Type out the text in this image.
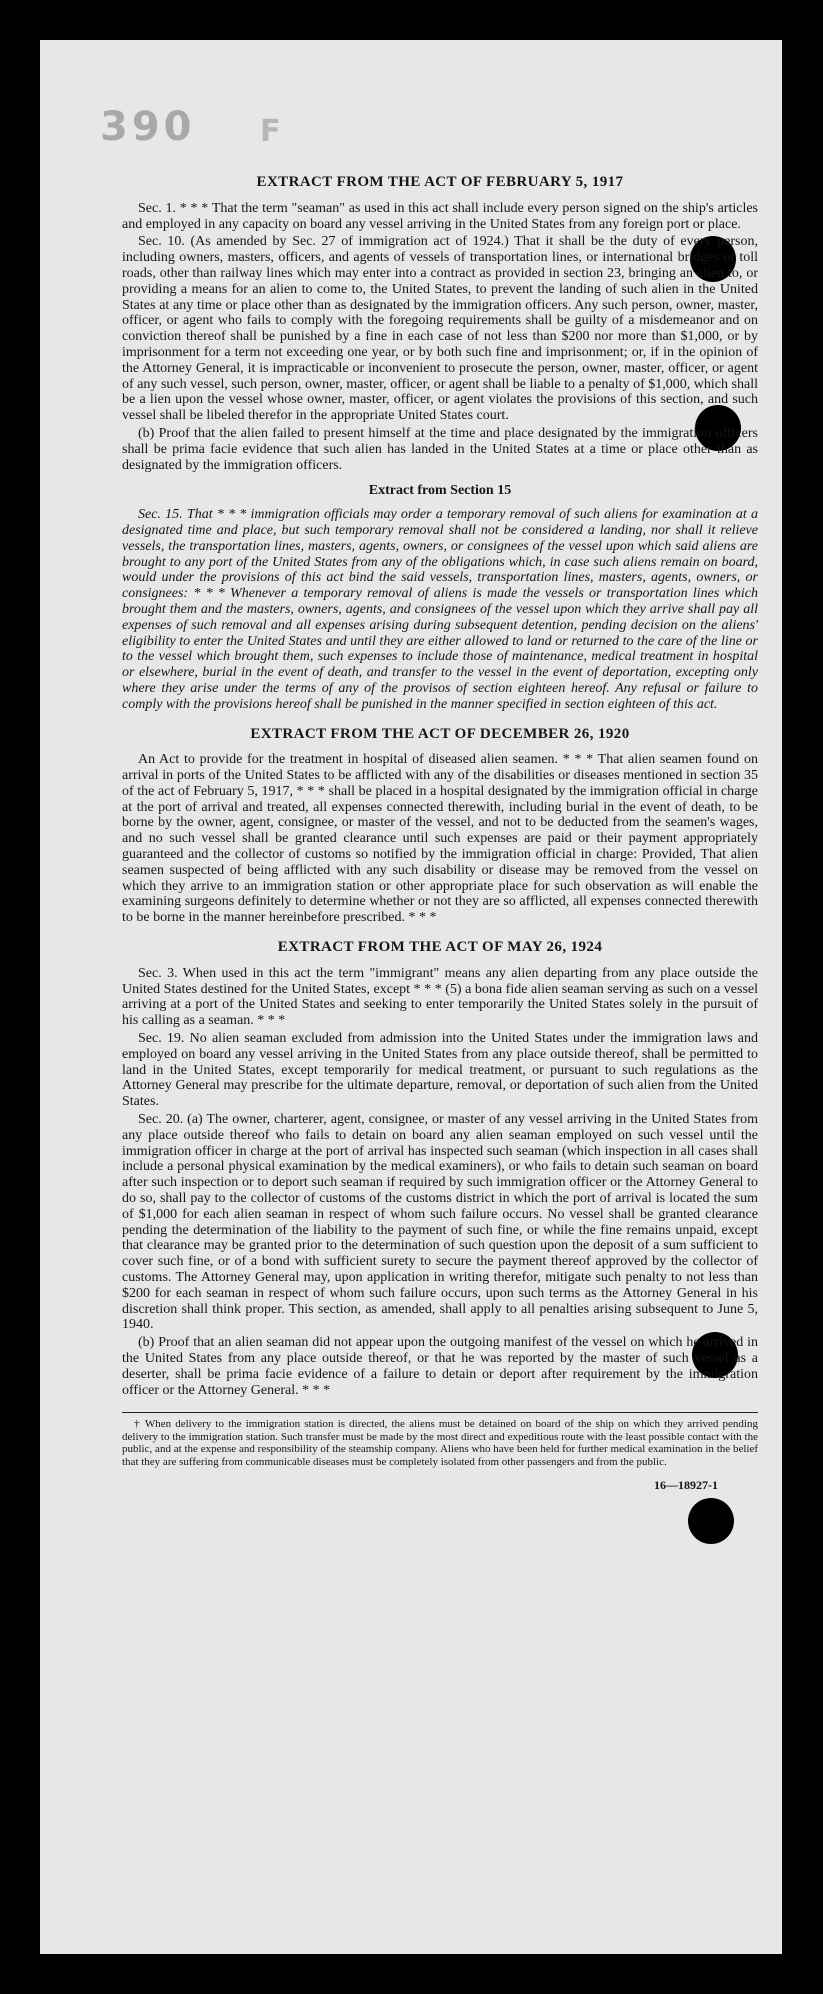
390 F
EXTRACT FROM THE ACT OF FEBRUARY 5, 1917

Sec. 1. * * * That the term "seaman" as used in this act shall include every person signed on the ship's articles and employed in any capacity on board any vessel arriving in the United States from any foreign port or place.

Sec. 10. (As amended by Sec. 27 of immigration act of 1924.) That it shall be the duty of every person, including owners, masters, officers, and agents of vessels of transportation lines, or international bridges or toll roads, other than railway lines which may enter into a contract as provided in section 23, bringing an alien to, or providing a means for an alien to come to, the United States, to prevent the landing of such alien in the United States at any time or place other than as designated by the immigration officers. Any such person, owner, master, officer, or agent who fails to comply with the foregoing requirements shall be guilty of a misdemeanor and on conviction thereof shall be punished by a fine in each case of not less than $200 nor more than $1,000, or by imprisonment for a term not exceeding one year, or by both such fine and imprisonment; or, if in the opinion of the Attorney General, it is impracticable or inconvenient to prosecute the person, owner, master, officer, or agent of any such vessel, such person, owner, master, officer, or agent shall be liable to a penalty of $1,000, which shall be a lien upon the vessel whose owner, master, officer, or agent violates the provisions of this section, and such vessel shall be libeled therefor in the appropriate United States court.

(b) Proof that the alien failed to present himself at the time and place designated by the immigration officers shall be prima facie evidence that such alien has landed in the United States at a time or place other than as designated by the immigration officers.

Extract from Section 15

Sec. 15. That * * * immigration officials may order a temporary removal of such aliens for examination at a designated time and place, but such temporary removal shall not be considered a landing, nor shall it relieve vessels, the transportation lines, masters, agents, owners, or consignees of the vessel upon which said aliens are brought to any port of the United States from any of the obligations which, in case such aliens remain on board, would under the provisions of this act bind the said vessels, transportation lines, masters, agents, owners, or consignees: * * * Whenever a temporary removal of aliens is made the vessels or transportation lines which brought them and the masters, owners, agents, and consignees of the vessel upon which they arrive shall pay all expenses of such removal and all expenses arising during subsequent detention, pending decision on the aliens' eligibility to enter the United States and until they are either allowed to land or returned to the care of the line or to the vessel which brought them, such expenses to include those of maintenance, medical treatment in hospital or elsewhere, burial in the event of death, and transfer to the vessel in the event of deportation, excepting only where they arise under the terms of any of the provisos of section eighteen hereof. Any refusal or failure to comply with the provisions hereof shall be punished in the manner specified in section eighteen of this act.

EXTRACT FROM THE ACT OF DECEMBER 26, 1920

An Act to provide for the treatment in hospital of diseased alien seamen. * * * That alien seamen found on arrival in ports of the United States to be afflicted with any of the disabilities or diseases mentioned in section 35 of the act of February 5, 1917, * * * shall be placed in a hospital designated by the immigration official in charge at the port of arrival and treated, all expenses connected therewith, including burial in the event of death, to be borne by the owner, agent, consignee, or master of the vessel, and not to be deducted from the seamen's wages, and no such vessel shall be granted clearance until such expenses are paid or their payment appropriately guaranteed and the collector of customs so notified by the immigration official in charge: Provided, That alien seamen suspected of being afflicted with any such disability or disease may be removed from the vessel on which they arrive to an immigration station or other appropriate place for such observation as will enable the examining surgeons definitely to determine whether or not they are so afflicted, all expenses connected therewith to be borne in the manner hereinbefore prescribed. * * *

EXTRACT FROM THE ACT OF MAY 26, 1924

Sec. 3. When used in this act the term "immigrant" means any alien departing from any place outside the United States destined for the United States, except * * * (5) a bona fide alien seaman serving as such on a vessel arriving at a port of the United States and seeking to enter temporarily the United States solely in the pursuit of his calling as a seaman. * * *

Sec. 19. No alien seaman excluded from admission into the United States under the immigration laws and employed on board any vessel arriving in the United States from any place outside thereof, shall be permitted to land in the United States, except temporarily for medical treatment, or pursuant to such regulations as the Attorney General may prescribe for the ultimate departure, removal, or deportation of such alien from the United States.

Sec. 20. (a) The owner, charterer, agent, consignee, or master of any vessel arriving in the United States from any place outside thereof who fails to detain on board any alien seaman employed on such vessel until the immigration officer in charge at the port of arrival has inspected such seaman (which inspection in all cases shall include a personal physical examination by the medical examiners), or who fails to detain such seaman on board after such inspection or to deport such seaman if required by such immigration officer or the Attorney General to do so, shall pay to the collector of customs of the customs district in which the port of arrival is located the sum of $1,000 for each alien seaman in respect of whom such failure occurs. No vessel shall be granted clearance pending the determination of the liability to the payment of such fine, or while the fine remains unpaid, except that clearance may be granted prior to the determination of such question upon the deposit of a sum sufficient to cover such fine, or of a bond with sufficient surety to secure the payment thereof approved by the collector of customs. The Attorney General may, upon application in writing therefor, mitigate such penalty to not less than $200 for each seaman in respect of whom such failure occurs, upon such terms as the Attorney General in his discretion shall think proper. This section, as amended, shall apply to all penalties arising subsequent to June 5, 1940.

(b) Proof that an alien seaman did not appear upon the outgoing manifest of the vessel on which he arrived in the United States from any place outside thereof, or that he was reported by the master of such vessel as a deserter, shall be prima facie evidence of a failure to detain or deport after requirement by the immigration officer or the Attorney General. * * *

† When delivery to the immigration station is directed, the aliens must be detained on board of the ship on which they arrived pending delivery to the immigration station. Such transfer must be made by the most direct and expeditious route with the least possible contact with the public, and at the expense and responsibility of the steamship company. Aliens who have been held for further medical examination in the belief that they are suffering from communicable diseases must be completely isolated from other passengers and from the public.

16—18927-1
